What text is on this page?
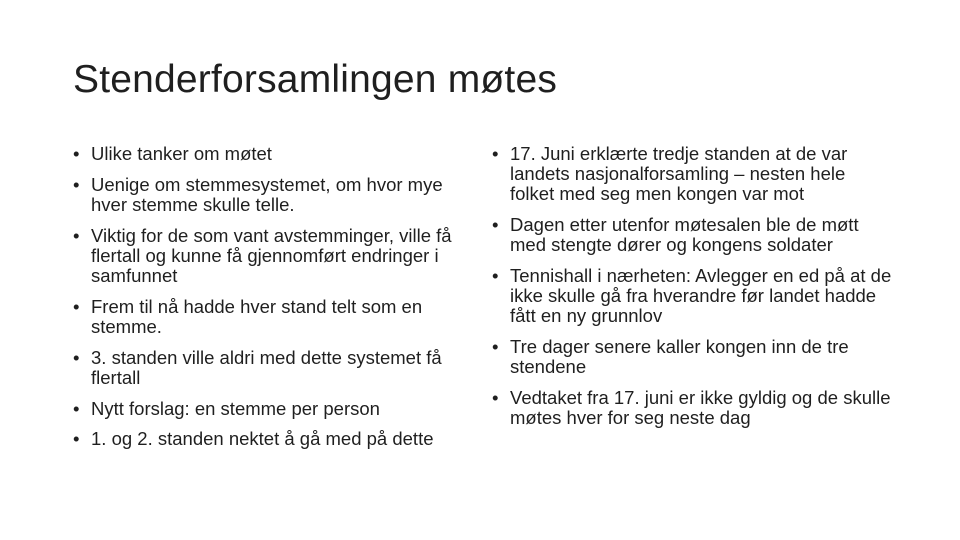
Stenderforsamlingen møtes
• Ulike tanker om møtet
• Uenige om stemmesystemet, om hvor mye hver stemme skulle telle.
• Viktig for de som vant avstemminger, ville få flertall og kunne få gjennomført endringer i samfunnet
• Frem til nå hadde hver stand telt som en stemme.
• 3. standen ville aldri med dette systemet få flertall
• Nytt forslag: en stemme per person
• 1. og 2. standen nektet å gå med på dette
• 17. Juni erklærte tredje standen at de var landets nasjonalforsamling – nesten hele folket med seg men kongen var mot
• Dagen etter utenfor møtesalen ble de møtt med stengte dører og kongens soldater
• Tennishall i nærheten: Avlegger en ed på at de ikke skulle gå fra hverandre før landet hadde fått en ny grunnlov
• Tre dager senere kaller kongen inn de tre stendene
• Vedtaket fra 17. juni er ikke gyldig og de skulle møtes hver for seg neste dag
